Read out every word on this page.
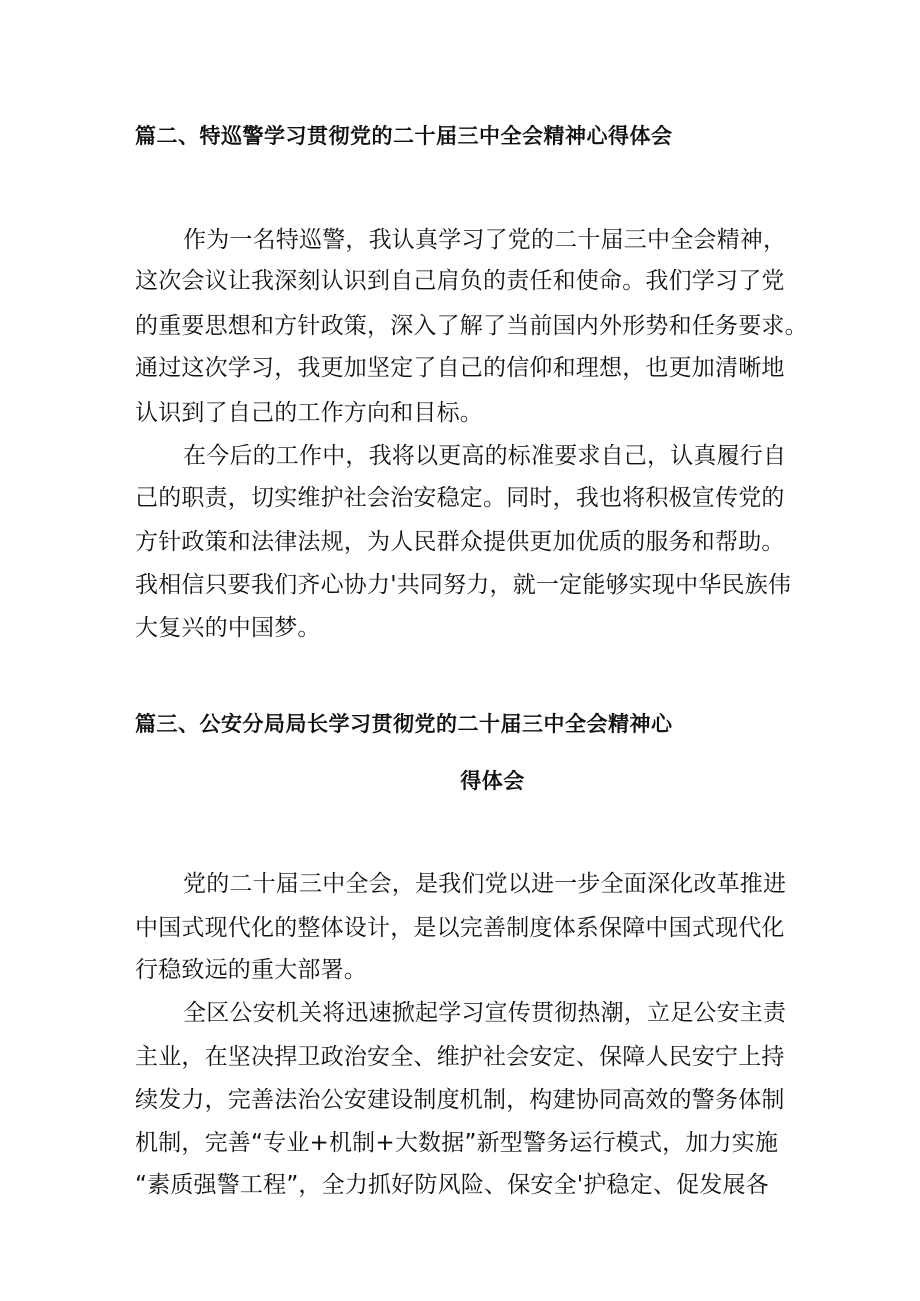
篇二、特巡警学习贯彻党的二十届三中全会精神心得体会
作为一名特巡警，我认真学习了党的二十届三中全会精神，
这次会议让我深刻认识到自己肩负的责任和使命。我们学习了党
的重要思想和方针政策，深入了解了当前国内外形势和任务要求。
通过这次学习，我更加坚定了自己的信仰和理想，也更加清晰地
认识到了自己的工作方向和目标。
在今后的工作中，我将以更高的标准要求自己，认真履行自
己的职责，切实维护社会治安稳定。同时，我也将积极宣传党的
方针政策和法律法规，为人民群众提供更加优质的服务和帮助。
我相信只要我们齐心协力'共同努力，就一定能够实现中华民族伟
大复兴的中国梦。
篇三、公安分局局长学习贯彻党的二十届三中全会精神心
得体会
党的二十届三中全会，是我们党以进一步全面深化改革推进
中国式现代化的整体设计，是以完善制度体系保障中国式现代化
行稳致远的重大部署。
全区公安机关将迅速掀起学习宣传贯彻热潮，立足公安主责
主业，在坚决捍卫政治安全、维护社会安定、保障人民安宁上持
续发力，完善法治公安建设制度机制，构建协同高效的警务体制
机制，完善“专业+机制+大数据”新型警务运行模式，加力实施
“素质强警工程”，全力抓好防风险、保安全'护稳定、促发展各
